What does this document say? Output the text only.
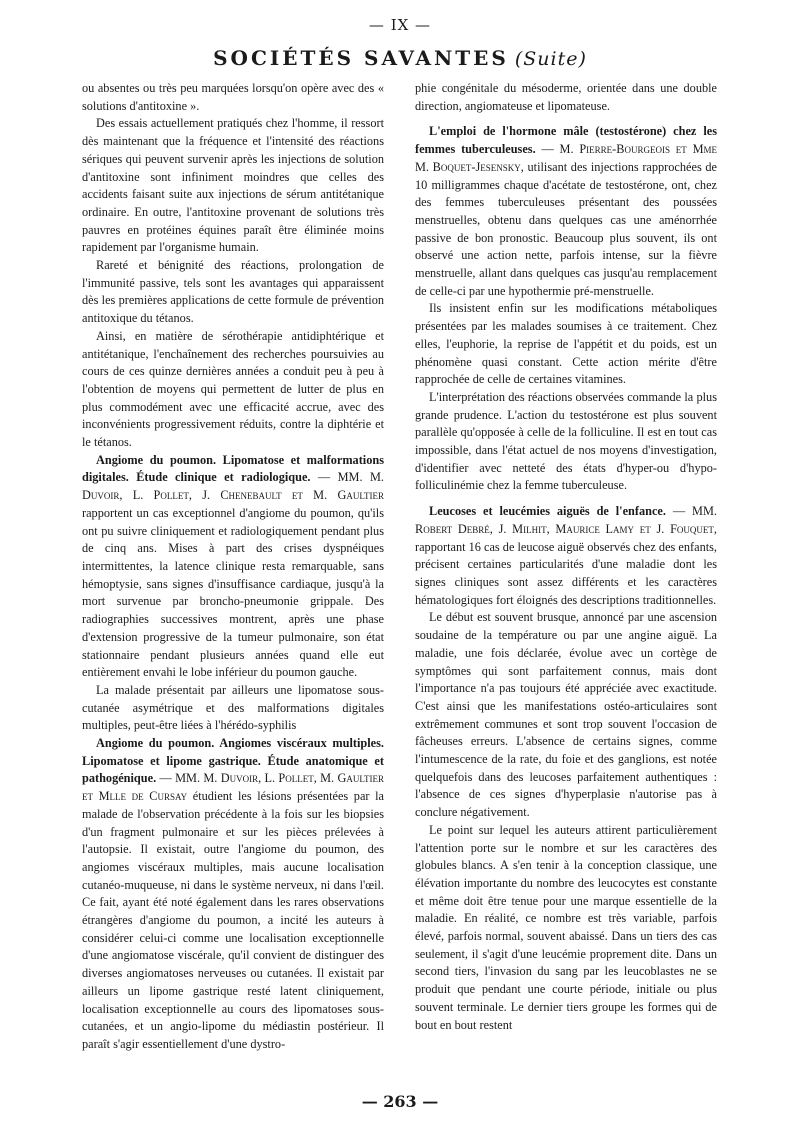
— IX —
SOCIÉTÉS SAVANTES (Suite)

ou absentes ou très peu marquées lorsqu'on opère avec des « solutions d'antitoxine ».

Des essais actuellement pratiqués chez l'homme, il ressort dès maintenant que la fréquence et l'intensité des réactions sériques qui peuvent survenir après les injections de solution d'antitoxine sont infiniment moindres que celles des accidents faisant suite aux injections de sérum antitétanique ordinaire. En outre, l'antitoxine provenant de solutions très pauvres en protéines équines paraît être éliminée moins rapidement par l'organisme humain.

Rareté et bénignité des réactions, prolongation de l'immunité passive, tels sont les avantages qui apparaissent dès les premières applications de cette formule de prévention antitoxique du tétanos.

Ainsi, en matière de sérothérapie antidiphtérique et antitétanique, l'enchaînement des recherches poursuivies au cours de ces quinze dernières années a conduit peu à peu à l'obtention de moyens qui permettent de lutter de plus en plus commodément avec une efficacité accrue, avec des inconvénients progressivement réduits, contre la diphtérie et le tétanos.

Angiome du poumon. Lipomatose et malformations digitales. Étude clinique et radiologique. — MM. M. Duvoir, L. Pollet, J. Chenebault et M. Gaultier rapportent un cas exceptionnel d'angiome du poumon, qu'ils ont pu suivre cliniquement et radiologiquement pendant plus de cinq ans. Mises à part des crises dyspnéiques intermittentes, la latence clinique resta remarquable, sans hémoptysie, sans signes d'insuffisance cardiaque, jusqu'à la mort survenue par broncho-pneumonie grippale. Des radiographies successives montrent, après une phase d'extension progressive de la tumeur pulmonaire, son état stationnaire pendant plusieurs années quand elle eut entièrement envahi le lobe inférieur du poumon gauche.

La malade présentait par ailleurs une lipomatose sous-cutanée asymétrique et des malformations digitales multiples, peut-être liées à l'hérédo-syphilis

Angiome du poumon. Angiomes viscéraux multiples. Lipomatose et lipome gastrique. Étude anatomique et pathogénique. — MM. M. Duvoir, L. Pollet, M. Gaultier et Mlle de Cursay étudient les lésions présentées par la malade de l'observation précédente à la fois sur les biopsies d'un fragment pulmonaire et sur les pièces prélevées à l'autopsie. Il existait, outre l'angiome du poumon, des angiomes viscéraux multiples, mais aucune localisation cutanéo-muqueuse, ni dans le système nerveux, ni dans l'œil. Ce fait, ayant été noté également dans les rares observations étrangères d'angiome du poumon, a incité les auteurs à considérer celui-ci comme une localisation exceptionnelle d'une angiomatose viscérale, qu'il convient de distinguer des diverses angiomatoses nerveuses ou cutanées. Il existait par ailleurs un lipome gastrique resté latent cliniquement, localisation exceptionnelle au cours des lipomatoses sous-cutanées, et un angio-lipome du médiastin postérieur. Il paraît s'agir essentiellement d'une dystro-

phie congénitale du mésoderme, orientée dans une double direction, angiomateuse et lipomateuse.

L'emploi de l'hormone mâle (testostérone) chez les femmes tuberculeuses. — M. Pierre-Bourgeois et Mme M. Boquet-Jesensky, utilisant des injections rapprochées de 10 milligrammes chaque d'acétate de testostérone, ont, chez des femmes tuberculeuses présentant des poussées menstruelles, obtenu dans quelques cas une aménorrhée passive de bon pronostic. Beaucoup plus souvent, ils ont observé une action nette, parfois intense, sur la fièvre menstruelle, allant dans quelques cas jusqu'au remplacement de celle-ci par une hypothermie pré-menstruelle.

Ils insistent enfin sur les modifications métaboliques présentées par les malades soumises à ce traitement. Chez elles, l'euphorie, la reprise de l'appétit et du poids, est un phénomène quasi constant. Cette action mérite d'être rapprochée de celle de certaines vitamines.

L'interprétation des réactions observées commande la plus grande prudence. L'action du testostérone est plus souvent parallèle qu'opposée à celle de la folliculine. Il est en tout cas impossible, dans l'état actuel de nos moyens d'investigation, d'identifier avec netteté des états d'hyper-ou d'hypo-folliculinémie chez la femme tuberculeuse.

Leucoses et leucémies aiguës de l'enfance. — MM. Robert Debré, J. Milhit, Maurice Lamy et J. Fouquet, rapportant 16 cas de leucose aiguë observés chez des enfants, précisent certaines particularités d'une maladie dont les signes cliniques sont assez différents et les caractères hématologiques fort éloignés des descriptions traditionnelles.

Le début est souvent brusque, annoncé par une ascension soudaine de la température ou par une angine aiguë. La maladie, une fois déclarée, évolue avec un cortège de symptômes qui sont parfaitement connus, mais dont l'importance n'a pas toujours été appréciée avec exactitude. C'est ainsi que les manifestations ostéo-articulaires sont extrêmement communes et sont trop souvent l'occasion de fâcheuses erreurs. L'absence de certains signes, comme l'intumescence de la rate, du foie et des ganglions, est notée quelquefois dans des leucoses parfaitement authentiques : l'absence de ces signes d'hyperplasie n'autorise pas à conclure négativement.

Le point sur lequel les auteurs attirent particulièrement l'attention porte sur le nombre et sur les caractères des globules blancs. A s'en tenir à la conception classique, une élévation importante du nombre des leucocytes est constante et même doit être tenue pour une marque essentielle de la maladie. En réalité, ce nombre est très variable, parfois élevé, parfois normal, souvent abaissé. Dans un tiers des cas seulement, il s'agit d'une leucémie proprement dite. Dans un second tiers, l'invasion du sang par les leucoblastes ne se produit que pendant une courte période, initiale ou plus souvent terminale. Le dernier tiers groupe les formes qui de bout en bout restent

— 263 —
